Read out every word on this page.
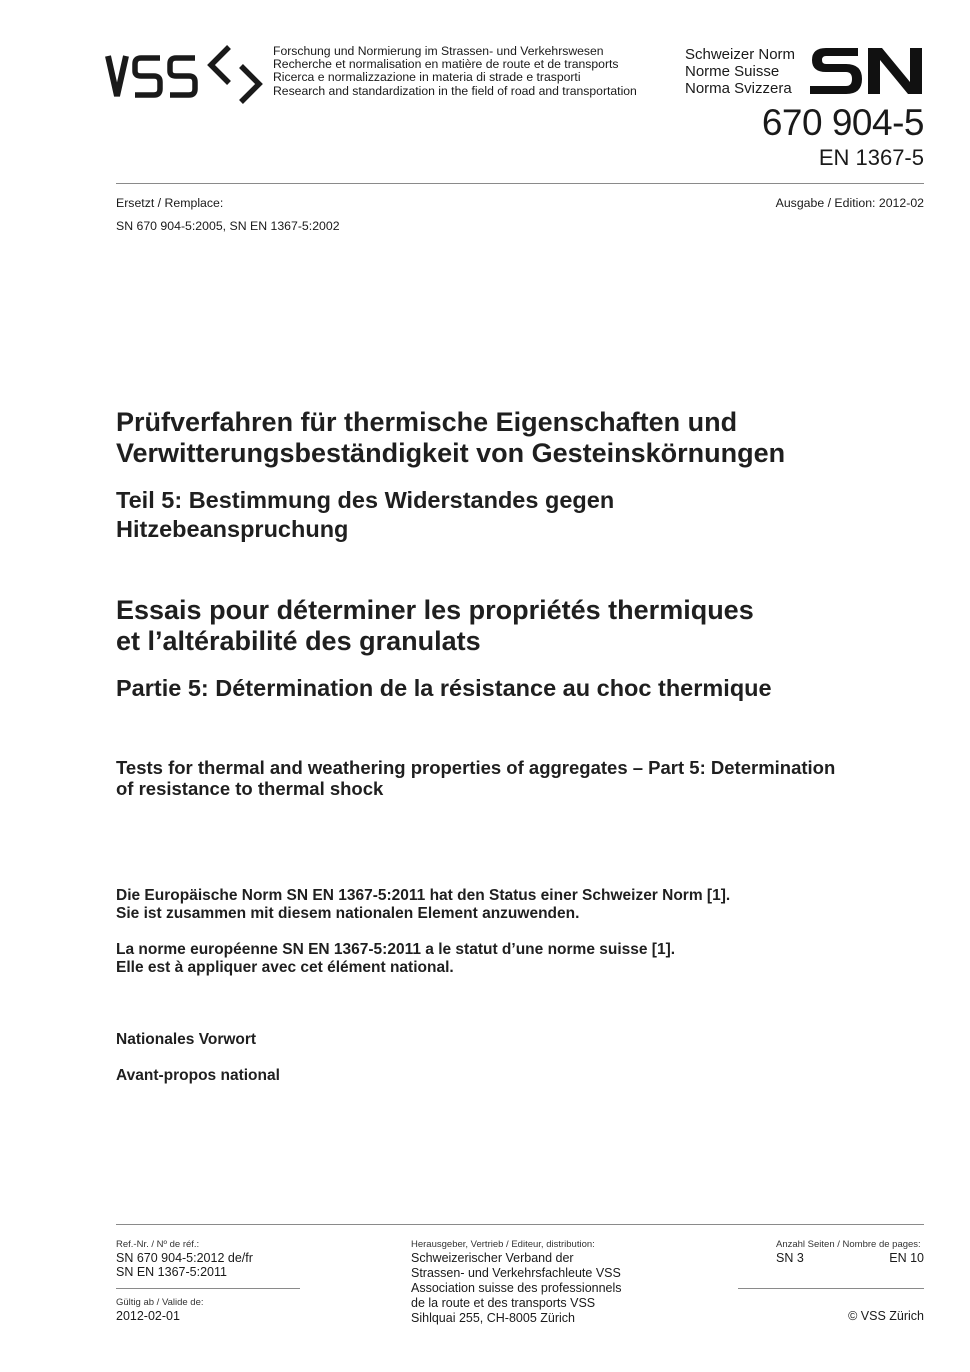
Forschung und Normierung im Strassen- und Verkehrswesen
Recherche et normalisation en matière de route et de transports
Ricerca e normalizzazione in materia di strade e trasporti
Research and standardization in the field of road and transportation
Schweizer Norm
Norme Suisse
Norma Svizzera
670 904-5
EN 1367-5
Ersetzt / Remplace:	Ausgabe / Edition: 2012-02
SN 670 904-5:2005, SN EN 1367-5:2002
Prüfverfahren für thermische Eigenschaften und
Verwitterungsbeständigkeit von Gesteinskörnungen
Teil 5: Bestimmung des Widerstandes gegen
Hitzebeanspruchung
Essais pour déterminer les propriétés thermiques
et l’altérabilité des granulats
Partie 5: Détermination de la résistance au choc thermique
Tests for thermal and weathering properties of aggregates – Part 5: Determination
of resistance to thermal shock
Die Europäische Norm SN EN 1367-5:2011 hat den Status einer Schweizer Norm [1].
Sie ist zusammen mit diesem nationalen Element anzuwenden.
La norme européenne SN EN 1367-5:2011 a le statut d’une norme suisse [1].
Elle est à appliquer avec cet élément national.
Nationales Vorwort
Avant-propos national
Ref.-Nr. / Nº de réf.:
SN 670 904-5:2012 de/fr
SN EN 1367-5:2011
Gültig ab / Valide de:
2012-02-01
Herausgeber, Vertrieb / Editeur, distribution:
Schweizerischer Verband der
Strassen- und Verkehrsfachleute VSS
Association suisse des professionnels
de la route et des transports VSS
Sihlquai 255, CH-8005 Zürich
Anzahl Seiten / Nombre de pages:
SN 3	EN 10
© VSS Zürich
